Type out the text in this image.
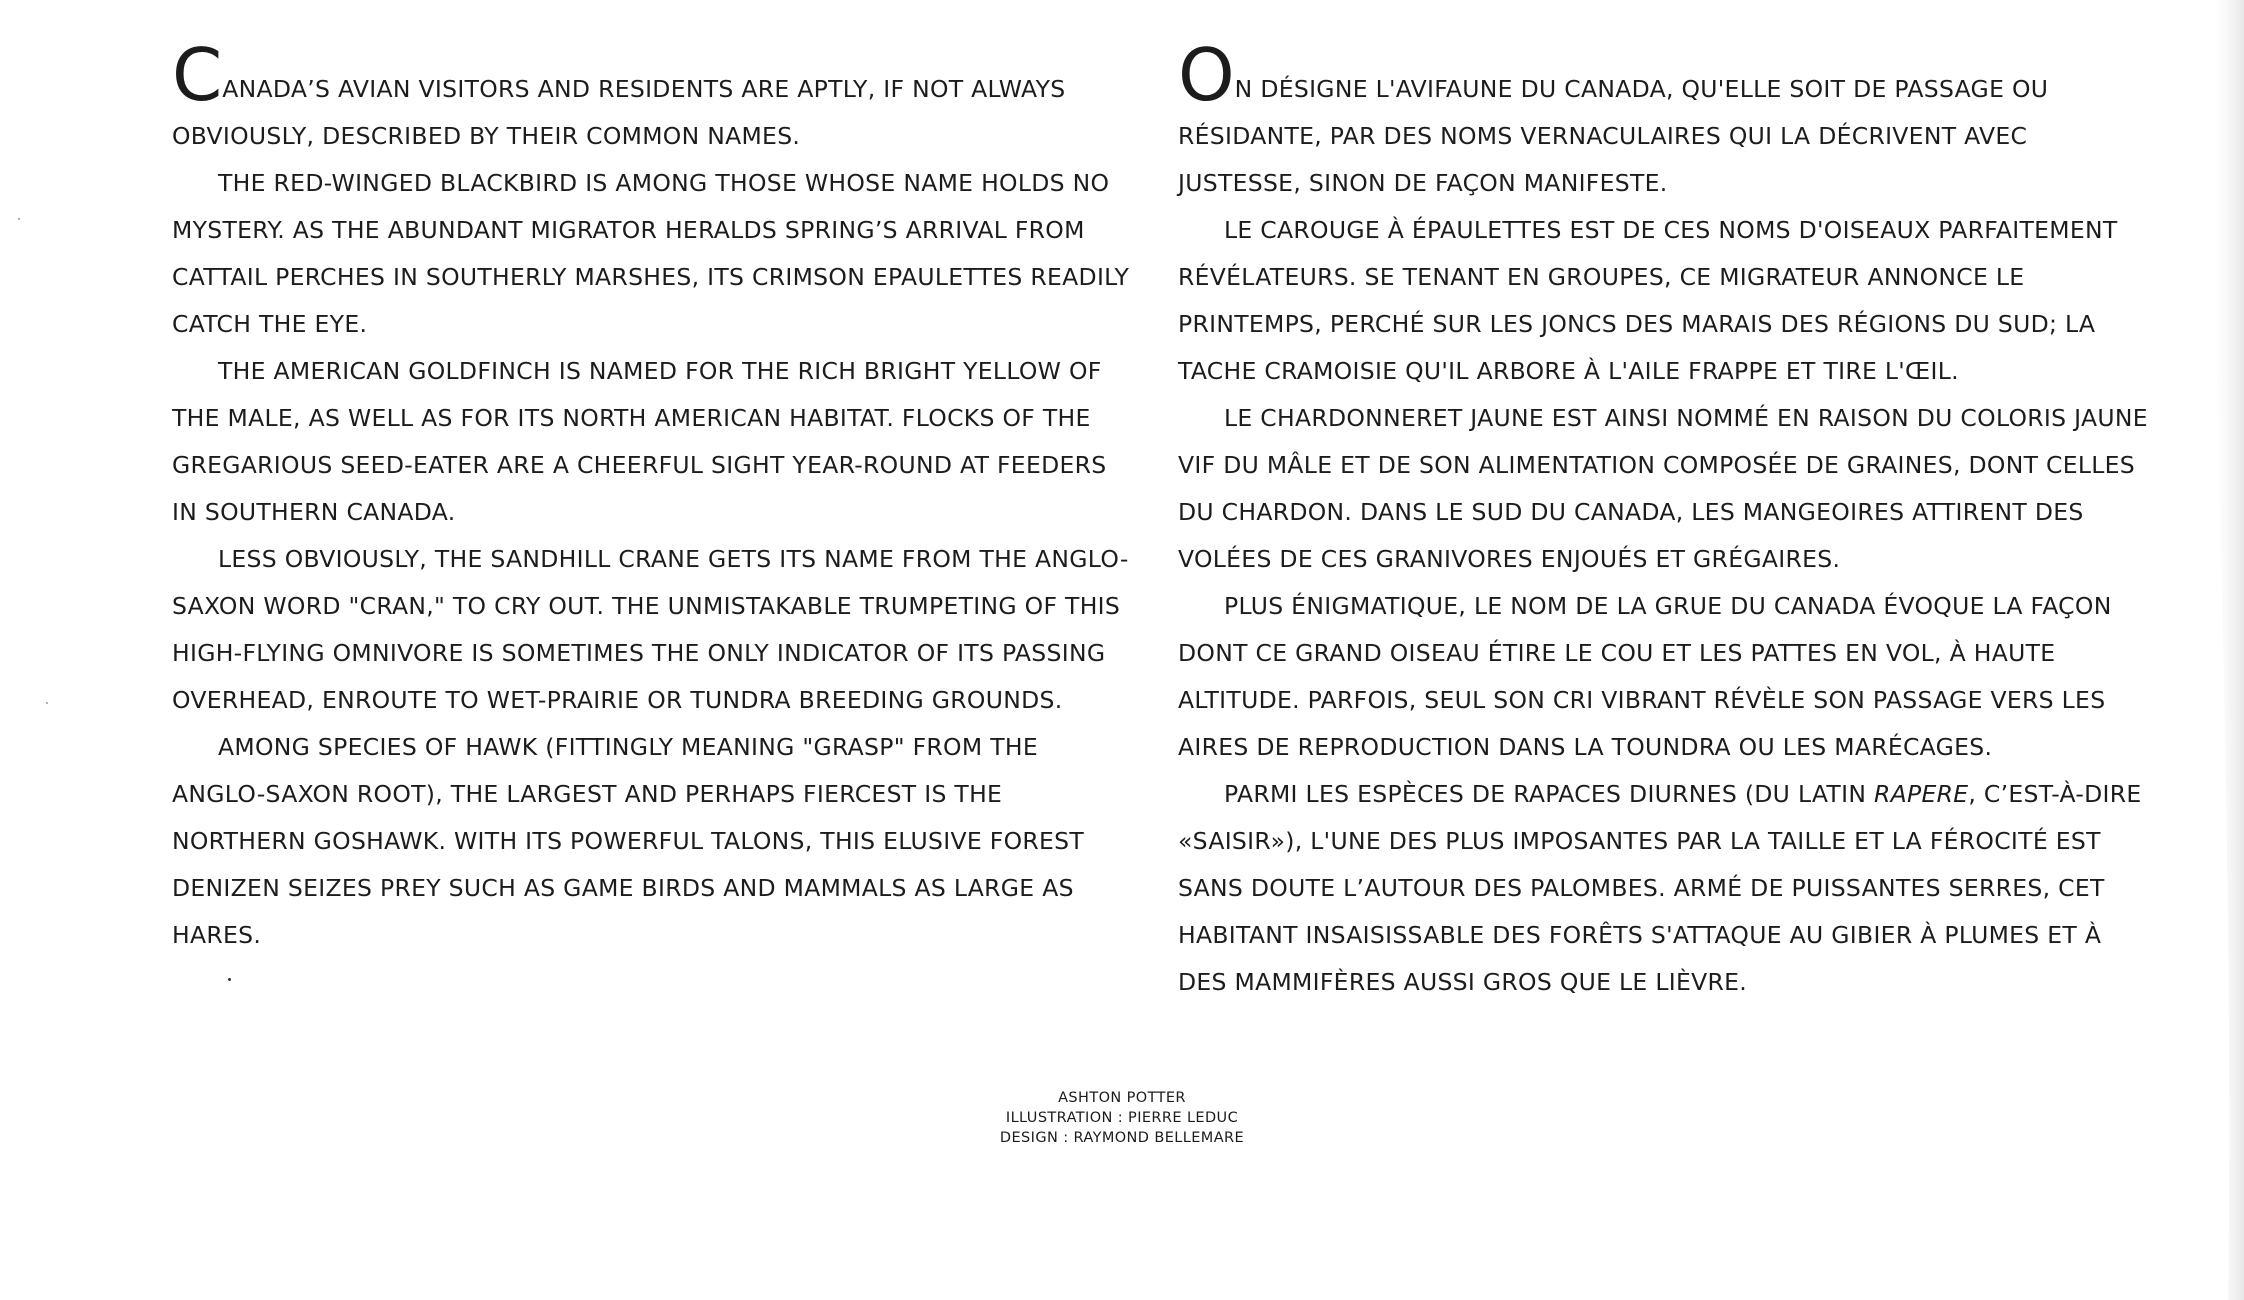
CANADA’S AVIAN VISITORS AND RESIDENTS ARE APTLY, IF NOT ALWAYS OBVIOUSLY, DESCRIBED BY THEIR COMMON NAMES.

THE RED-WINGED BLACKBIRD IS AMONG THOSE WHOSE NAME HOLDS NO MYSTERY. AS THE ABUNDANT MIGRATOR HERALDS SPRING’S ARRIVAL FROM CATTAIL PERCHES IN SOUTHERLY MARSHES, ITS CRIMSON EPAULETTES READILY CATCH THE EYE.

THE AMERICAN GOLDFINCH IS NAMED FOR THE RICH BRIGHT YELLOW OF THE MALE, AS WELL AS FOR ITS NORTH AMERICAN HABITAT. FLOCKS OF THE GREGARIOUS SEED-EATER ARE A CHEERFUL SIGHT YEAR-ROUND AT FEEDERS IN SOUTHERN CANADA.

LESS OBVIOUSLY, THE SANDHILL CRANE GETS ITS NAME FROM THE ANGLO-SAXON WORD "CRAN," TO CRY OUT. THE UNMISTAKABLE TRUMPETING OF THIS HIGH-FLYING OMNIVORE IS SOMETIMES THE ONLY INDICATOR OF ITS PASSING OVERHEAD, ENROUTE TO WET-PRAIRIE OR TUNDRA BREEDING GROUNDS.

AMONG SPECIES OF HAWK (FITTINGLY MEANING "GRASP" FROM THE ANGLO-SAXON ROOT), THE LARGEST AND PERHAPS FIERCEST IS THE NORTHERN GOSHAWK. WITH ITS POWERFUL TALONS, THIS ELUSIVE FOREST DENIZEN SEIZES PREY SUCH AS GAME BIRDS AND MAMMALS AS LARGE AS HARES.

ON DÉSIGNE L'AVIFAUNE DU CANADA, QU'ELLE SOIT DE PASSAGE OU RÉSIDANTE, PAR DES NOMS VERNACULAIRES QUI LA DÉCRIVENT AVEC JUSTESSE, SINON DE FAÇON MANIFESTE.

LE CAROUGE À ÉPAULETTES EST DE CES NOMS D'OISEAUX PARFAITEMENT RÉVÉLATEURS. SE TENANT EN GROUPES, CE MIGRATEUR ANNONCE LE PRINTEMPS, PERCHÉ SUR LES JONCS DES MARAIS DES RÉGIONS DU SUD; LA TACHE CRAMOISIE QU'IL ARBORE À L'AILE FRAPPE ET TIRE L'ŒIL.

LE CHARDONNERET JAUNE EST AINSI NOMMÉ EN RAISON DU COLORIS JAUNE VIF DU MÂLE ET DE SON ALIMENTATION COMPOSÉE DE GRAINES, DONT CELLES DU CHARDON. DANS LE SUD DU CANADA, LES MANGEOIRES ATTIRENT DES VOLÉES DE CES GRANIVORES ENJOUÉS ET GRÉGAIRES.

PLUS ÉNIGMATIQUE, LE NOM DE LA GRUE DU CANADA ÉVOQUE LA FAÇON DONT CE GRAND OISEAU ÉTIRE LE COU ET LES PATTES EN VOL, À HAUTE ALTITUDE. PARFOIS, SEUL SON CRI VIBRANT RÉVÈLE SON PASSAGE VERS LES AIRES DE REPRODUCTION DANS LA TOUNDRA OU LES MARÉCAGES.

PARMI LES ESPÈCES DE RAPACES DIURNES (DU LATIN RAPERE, C’EST-À-DIRE «SAISIR»), L'UNE DES PLUS IMPOSANTES PAR LA TAILLE ET LA FÉROCITÉ EST SANS DOUTE L’AUTOUR DES PALOMBES. ARMÉ DE PUISSANTES SERRES, CET HABITANT INSAISISSABLE DES FORÊTS S'ATTAQUE AU GIBIER À PLUMES ET À DES MAMMIFÈRES AUSSI GROS QUE LE LIÈVRE.

ASHTON POTTER
ILLUSTRATION : PIERRE LEDUC
DESIGN : RAYMOND BELLEMARE
